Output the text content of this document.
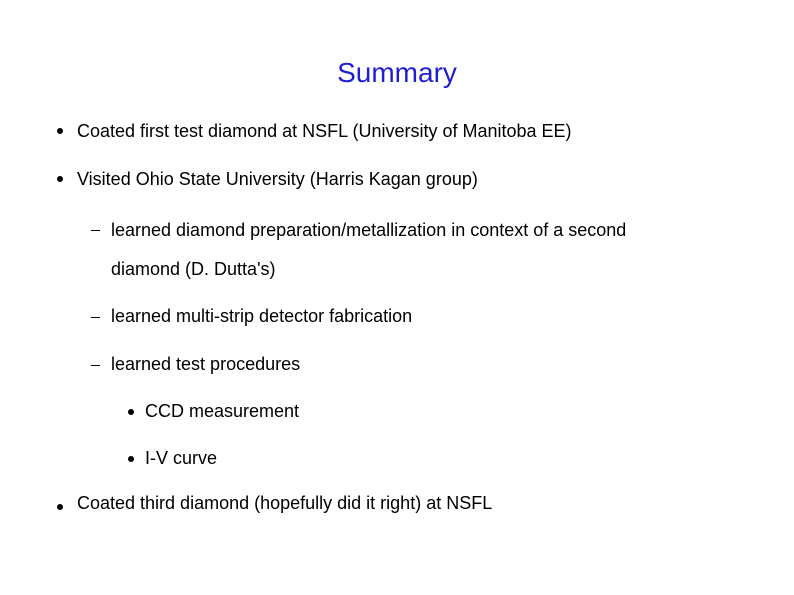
Summary
Coated first test diamond at NSFL (University of Manitoba EE)
Visited Ohio State University (Harris Kagan group)
learned diamond preparation/metallization in context of a second
diamond (D. Dutta's)
learned multi-strip detector fabrication
learned test procedures
CCD measurement
I-V curve
Coated third diamond (hopefully did it right) at NSFL
